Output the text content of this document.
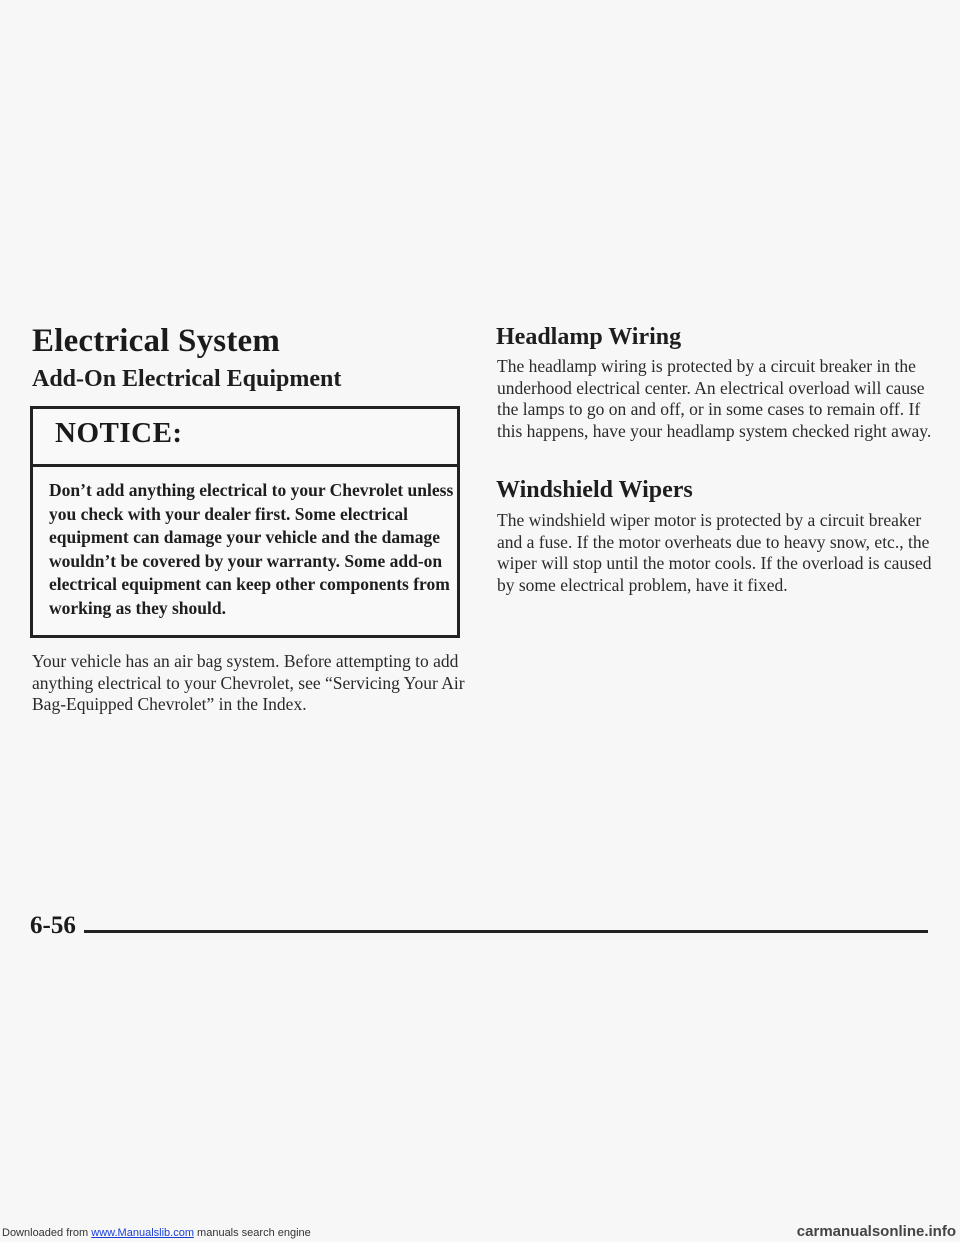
Electrical System
Add-On Electrical Equipment
NOTICE:
Don’t add anything electrical to your Chevrolet unless you check with your dealer first. Some electrical equipment can damage your vehicle and the damage wouldn’t be covered by your warranty. Some add-on electrical equipment can keep other components from working as they should.
Your vehicle has an air bag system. Before attempting to add anything electrical to your Chevrolet, see “Servicing Your Air Bag-Equipped Chevrolet” in the Index.
Headlamp Wiring
The headlamp wiring is protected by a circuit breaker in the underhood electrical center. An electrical overload will cause the lamps to go on and off, or in some cases to remain off. If this happens, have your headlamp system checked right away.
Windshield Wipers
The windshield wiper motor is protected by a circuit breaker and a fuse. If the motor overheats due to heavy snow, etc., the wiper will stop until the motor cools. If the overload is caused by some electrical problem, have it fixed.
6-56
Downloaded from www.Manualslib.com manuals search engine	carmanualsonline.info
